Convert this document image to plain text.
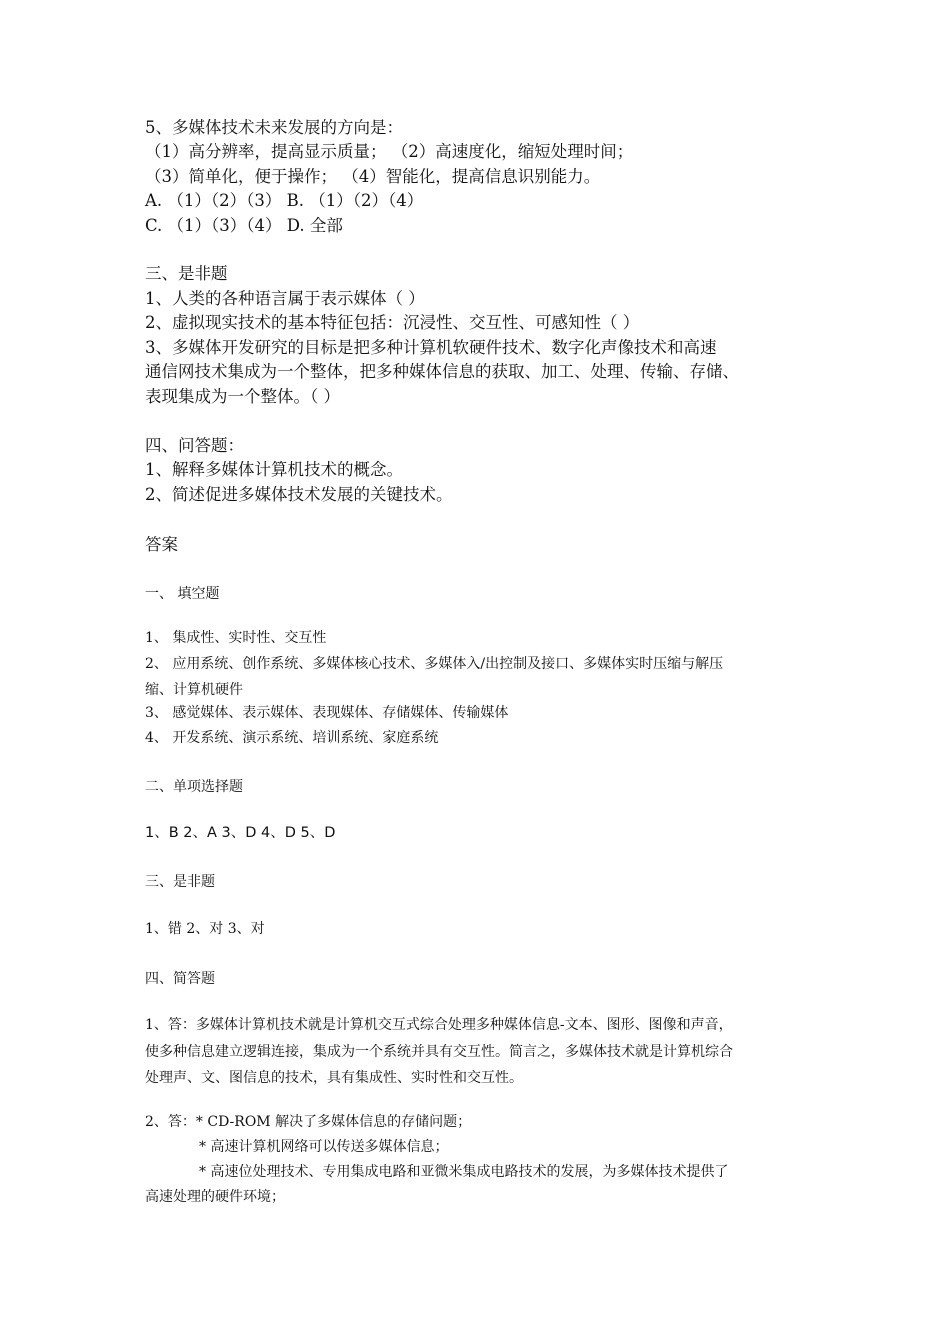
5、多媒体技术未来发展的方向是：
（1）高分辨率，提高显示质量； （2）高速度化，缩短处理时间；
（3）简单化，便于操作； （4）智能化，提高信息识别能力。
A. （1）（2）（3） B. （1）（2）（4）
C. （1）（3）（4） D. 全部
三、是非题
1、人类的各种语言属于表示媒体（ ）
2、虚拟现实技术的基本特征包括：沉浸性、交互性、可感知性（ ）
3、多媒体开发研究的目标是把多种计算机软硬件技术、数字化声像技术和高速
通信网技术集成为一个整体，把多种媒体信息的获取、加工、处理、传输、存储、
表现集成为一个整体。（ ）
四、问答题：
1、解释多媒体计算机技术的概念。
2、简述促进多媒体技术发展的关键技术。
答案
一、 填空题
1、 集成性、实时性、交互性
2、 应用系统、创作系统、多媒体核心技术、多媒体入/出控制及接口、多媒体实时压缩与解压
缩、计算机硬件
3、 感觉媒体、表示媒体、表现媒体、存储媒体、传输媒体
4、 开发系统、演示系统、培训系统、家庭系统
二、单项选择题
1、B 2、A 3、D 4、D 5、D
三、是非题
1、错 2、对 3、对
四、简答题
1、答：多媒体计算机技术就是计算机交互式综合处理多种媒体信息-文本、图形、图像和声音，
使多种信息建立逻辑连接，集成为一个系统并具有交互性。简言之，多媒体技术就是计算机综合
处理声、文、图信息的技术，具有集成性、实时性和交互性。
2、答：* CD-ROM 解决了多媒体信息的存储问题；
* 高速计算机网络可以传送多媒体信息；
* 高速位处理技术、专用集成电路和亚微米集成电路技术的发展，为多媒体技术提供了
高速处理的硬件环境；
